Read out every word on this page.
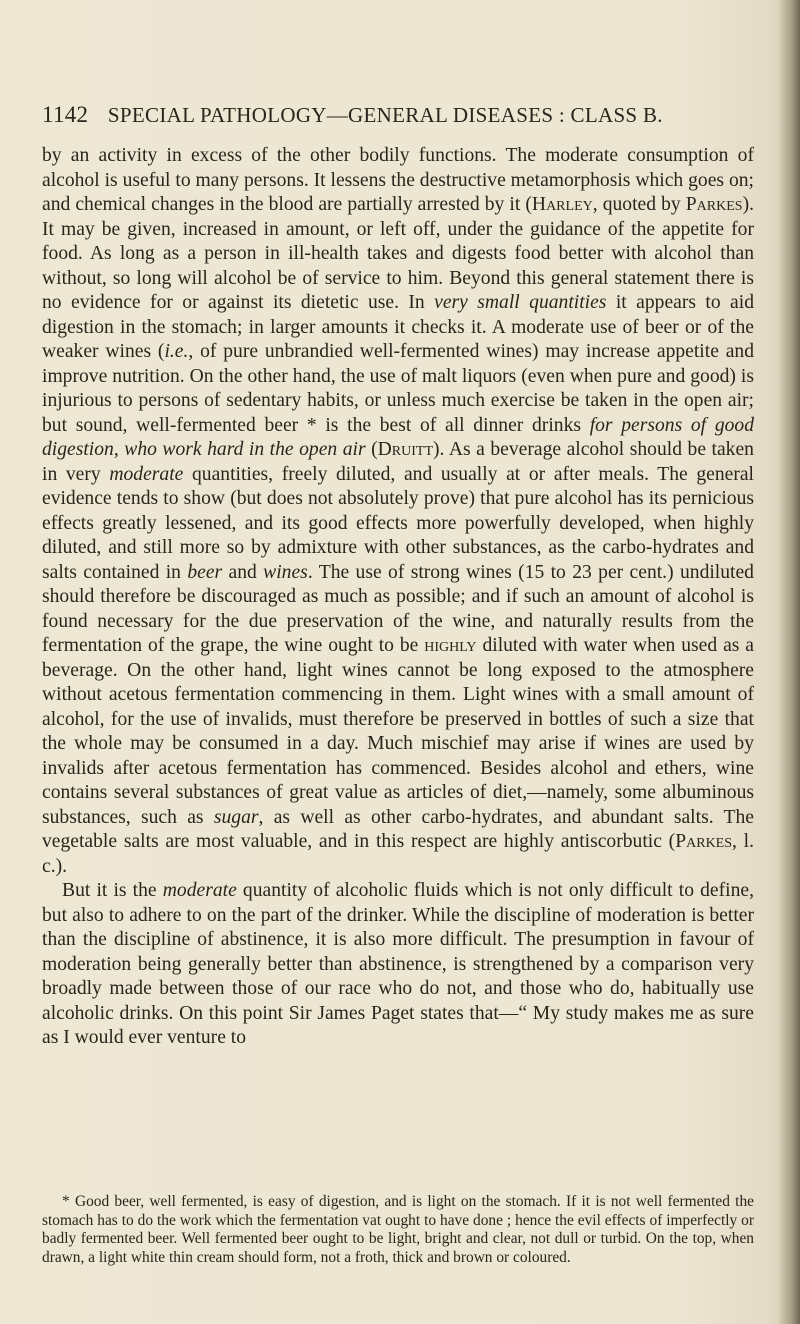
1142 SPECIAL PATHOLOGY—GENERAL DISEASES : CLASS B.

by an activity in excess of the other bodily functions. The moderate consumption of alcohol is useful to many persons. It lessens the destructive metamorphosis which goes on; and chemical changes in the blood are partially arrested by it (Harley, quoted by Parkes). It may be given, increased in amount, or left off, under the guidance of the appetite for food. As long as a person in ill-health takes and digests food better with alcohol than without, so long will alcohol be of service to him. Beyond this general statement there is no evidence for or against its dietetic use. In very small quantities it appears to aid digestion in the stomach; in larger amounts it checks it. A moderate use of beer or of the weaker wines (i.e., of pure unbrandied well-fermented wines) may increase appetite and improve nutrition. On the other hand, the use of malt liquors (even when pure and good) is injurious to persons of sedentary habits, or unless much exercise be taken in the open air; but sound, well-fermented beer * is the best of all dinner drinks for persons of good digestion, who work hard in the open air (Druitt). As a beverage alcohol should be taken in very moderate quantities, freely diluted, and usually at or after meals. The general evidence tends to show (but does not absolutely prove) that pure alcohol has its pernicious effects greatly lessened, and its good effects more powerfully developed, when highly diluted, and still more so by admixture with other substances, as the carbo-hydrates and salts contained in beer and wines. The use of strong wines (15 to 23 per cent.) undiluted should therefore be discouraged as much as possible; and if such an amount of alcohol is found necessary for the due preservation of the wine, and naturally results from the fermentation of the grape, the wine ought to be highly diluted with water when used as a beverage. On the other hand, light wines cannot be long exposed to the atmosphere without acetous fermentation commencing in them. Light wines with a small amount of alcohol, for the use of invalids, must therefore be preserved in bottles of such a size that the whole may be consumed in a day. Much mischief may arise if wines are used by invalids after acetous fermentation has commenced. Besides alcohol and ethers, wine contains several substances of great value as articles of diet,—namely, some albuminous substances, such as sugar, as well as other carbo-hydrates, and abundant salts. The vegetable salts are most valuable, and in this respect are highly antiscorbutic (Parkes, l. c.).

But it is the moderate quantity of alcoholic fluids which is not only difficult to define, but also to adhere to on the part of the drinker. While the discipline of moderation is better than the discipline of abstinence, it is also more difficult. The presumption in favour of moderation being generally better than abstinence, is strengthened by a comparison very broadly made between those of our race who do not, and those who do, habitually use alcoholic drinks. On this point Sir James Paget states that—“ My study makes me as sure as I would ever venture to

* Good beer, well fermented, is easy of digestion, and is light on the stomach. If it is not well fermented the stomach has to do the work which the fermentation vat ought to have done ; hence the evil effects of imperfectly or badly fermented beer. Well fermented beer ought to be light, bright and clear, not dull or turbid. On the top, when drawn, a light white thin cream should form, not a froth, thick and brown or coloured.
